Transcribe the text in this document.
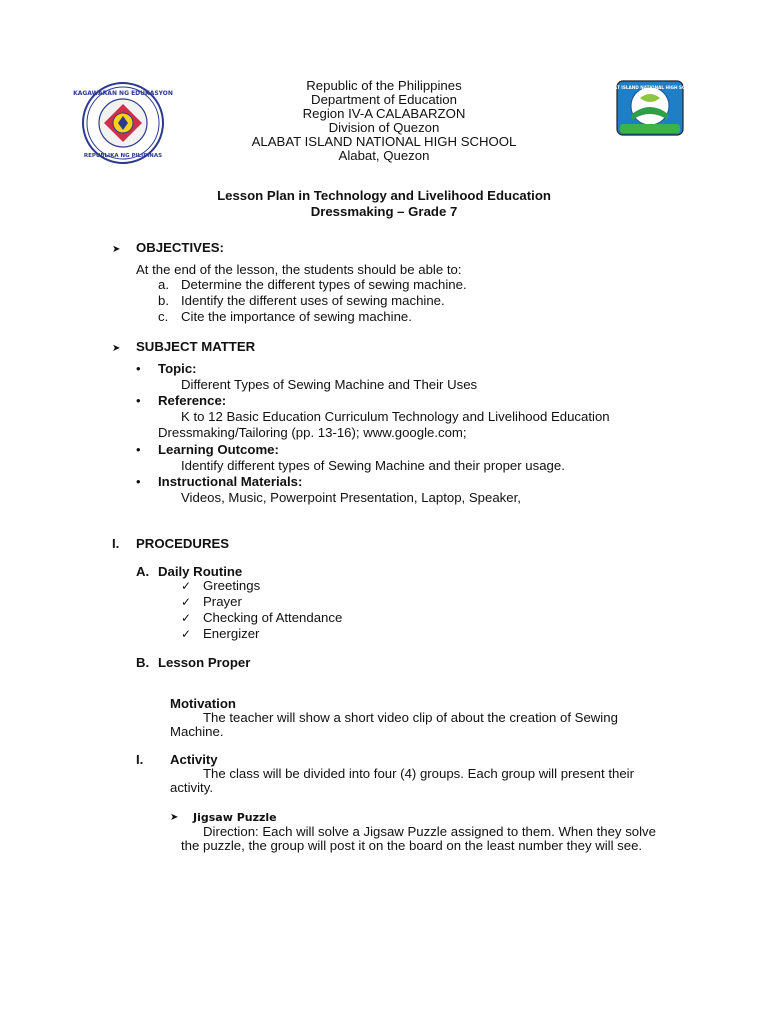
KAGAWARAN NG EDUKASYON
REPUBLIKA NG PILIPINAS
ALABAT ISLAND NATIONAL HIGH SCHOOL
Republic of the Philippines
Department of Education
Region IV-A CALABARZON
Division of Quezon
ALABAT ISLAND NATIONAL HIGH SCHOOL
Alabat, Quezon
Lesson Plan in Technology and Livelihood Education
Dressmaking – Grade 7
➤ OBJECTIVES:
At the end of the lesson, the students should be able to:
a. Determine the different types of sewing machine.
b. Identify the different uses of sewing machine.
c. Cite the importance of sewing machine.
➤ SUBJECT MATTER
• Topic:
Different Types of Sewing Machine and Their Uses
• Reference:
K to 12 Basic Education Curriculum Technology and Livelihood Education
Dressmaking/Tailoring (pp. 13-16); www.google.com;
• Learning Outcome:
Identify different types of Sewing Machine and their proper usage.
• Instructional Materials:
Videos, Music, Powerpoint Presentation, Laptop, Speaker,
I. PROCEDURES
A. Daily Routine
✓ Greetings
✓ Prayer
✓ Checking of Attendance
✓ Energizer
B. Lesson Proper
Motivation
The teacher will show a short video clip of about the creation of Sewing
Machine.
I. Activity
The class will be divided into four (4) groups. Each group will present their
activity.
➤ Jigsaw Puzzle
Direction: Each will solve a Jigsaw Puzzle assigned to them. When they solve
the puzzle, the group will post it on the board on the least number they will see.
